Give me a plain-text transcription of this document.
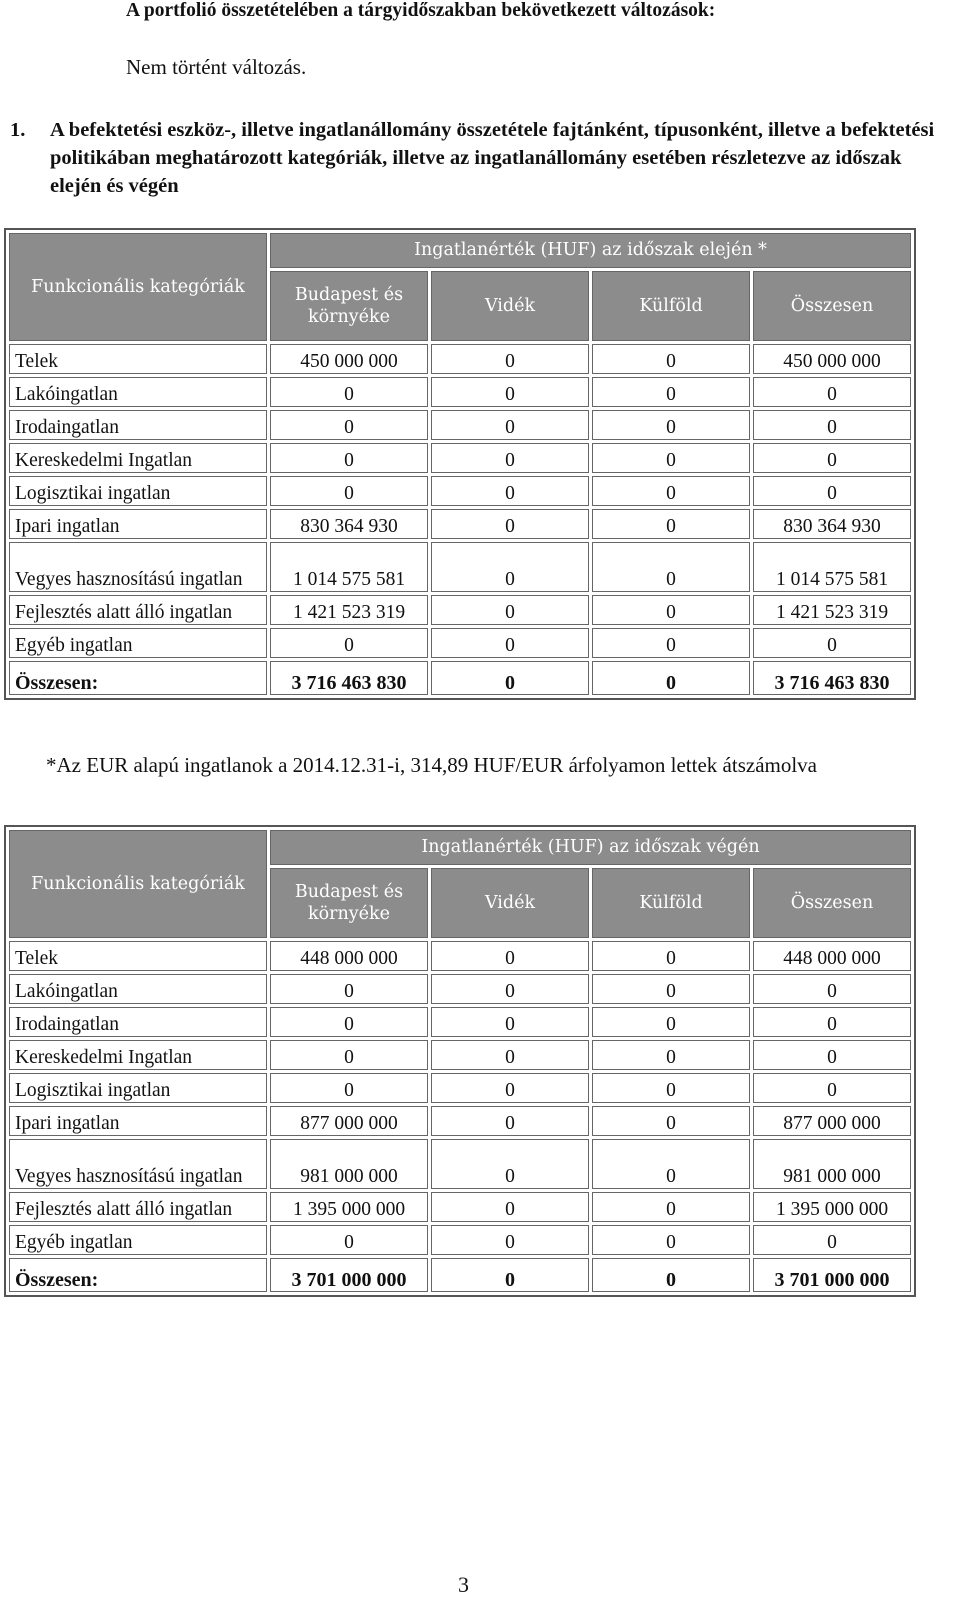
A portfolió összetételében a tárgyidőszakban bekövetkezett változások:
Nem történt változás.
1. A befektetési eszköz-, illetve ingatlanállomány összetétele fajtánként, típusonként, illetve a befektetési politikában meghatározott kategóriák, illetve az ingatlanállomány esetében részletezve az időszak elején és végén
Funkcionális kategóriák	Ingatlanérték (HUF) az időszak elején *			
	Budapest és környéke	Vidék	Külföld	Összesen
Telek	450 000 000	0	0	450 000 000
Lakóingatlan	0	0	0	0
Irodaingatlan	0	0	0	0
Kereskedelmi Ingatlan	0	0	0	0
Logisztikai ingatlan	0	0	0	0
Ipari ingatlan	830 364 930	0	0	830 364 930
Vegyes hasznosítású ingatlan	1 014 575 581	0	0	1 014 575 581
Fejlesztés alatt álló ingatlan	1 421 523 319	0	0	1 421 523 319
Egyéb ingatlan	0	0	0	0
Összesen:	3 716 463 830	0	0	3 716 463 830
*Az EUR alapú ingatlanok a 2014.12.31-i, 314,89 HUF/EUR árfolyamon lettek átszámolva
Funkcionális kategóriák	Ingatlanérték (HUF) az időszak végén			
	Budapest és környéke	Vidék	Külföld	Összesen
Telek	448 000 000	0	0	448 000 000
Lakóingatlan	0	0	0	0
Irodaingatlan	0	0	0	0
Kereskedelmi Ingatlan	0	0	0	0
Logisztikai ingatlan	0	0	0	0
Ipari ingatlan	877 000 000	0	0	877 000 000
Vegyes hasznosítású ingatlan	981 000 000	0	0	981 000 000
Fejlesztés alatt álló ingatlan	1 395 000 000	0	0	1 395 000 000
Egyéb ingatlan	0	0	0	0
Összesen:	3 701 000 000	0	0	3 701 000 000
3
